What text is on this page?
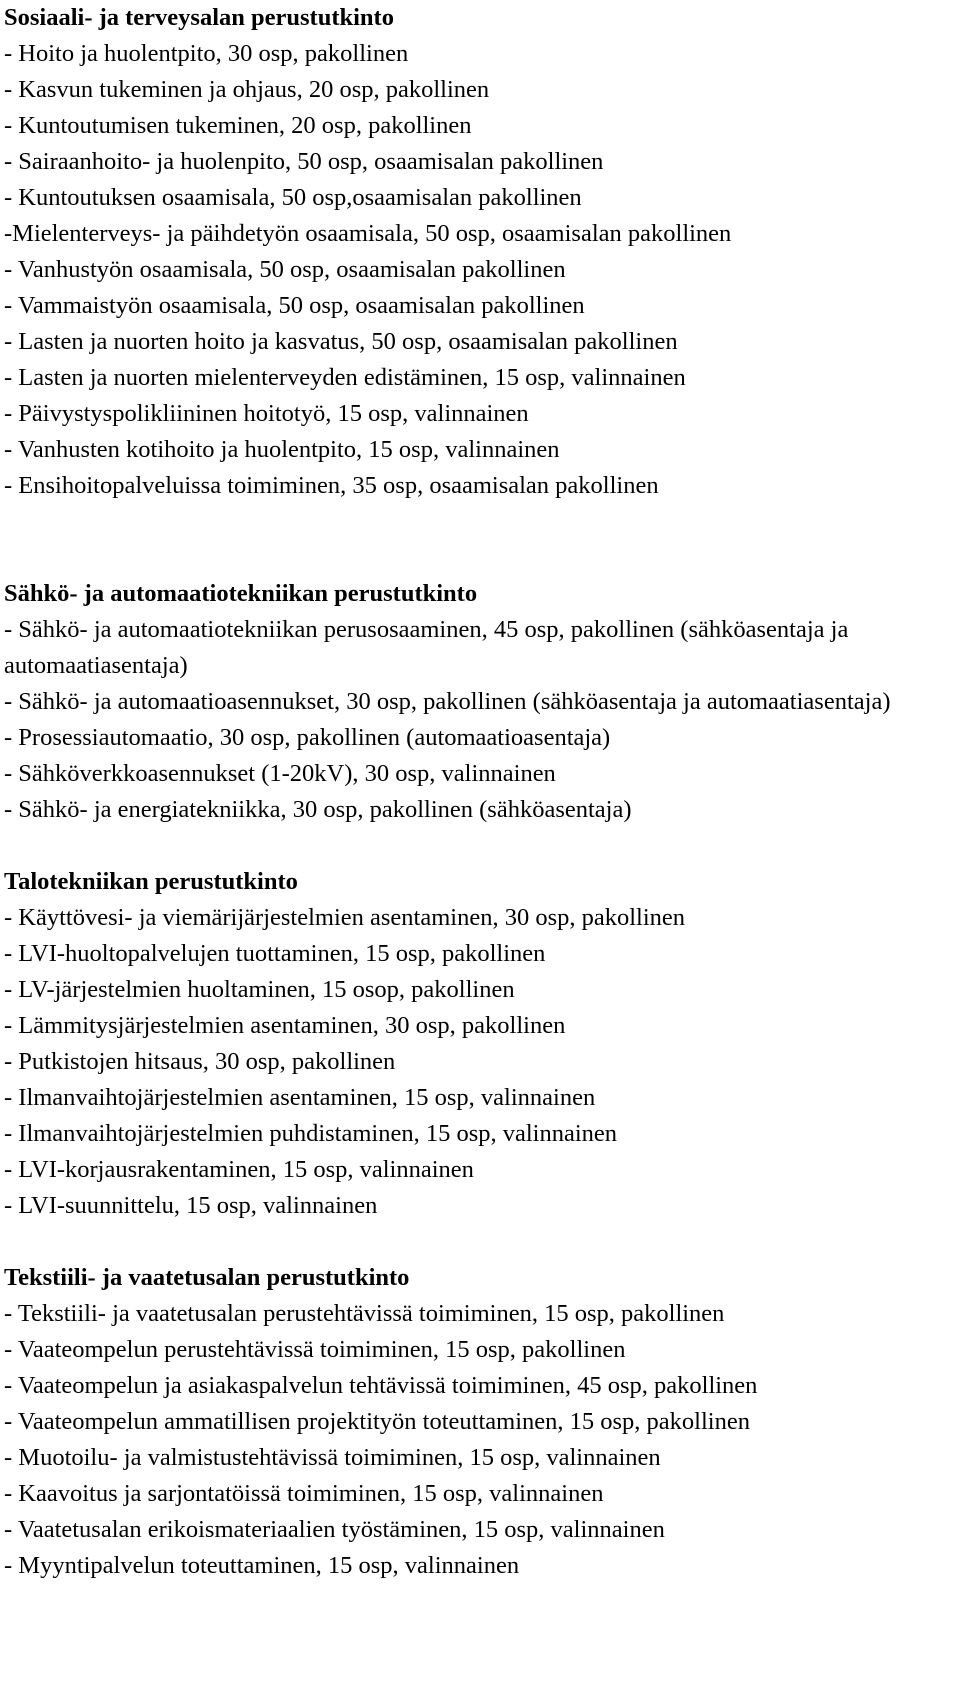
Sosiaali- ja terveysalan perustutkinto
- Hoito ja huolentpito, 30 osp, pakollinen
- Kasvun tukeminen ja ohjaus, 20 osp, pakollinen
- Kuntoutumisen tukeminen, 20 osp, pakollinen
- Sairaanhoito- ja huolenpito, 50 osp, osaamisalan pakollinen
- Kuntoutuksen osaamisala, 50 osp,osaamisalan pakollinen
-Mielenterveys- ja päihdetyön osaamisala, 50 osp, osaamisalan pakollinen
- Vanhustyön osaamisala, 50 osp, osaamisalan pakollinen
- Vammaistyön osaamisala, 50 osp, osaamisalan pakollinen
- Lasten ja nuorten hoito ja kasvatus, 50 osp, osaamisalan pakollinen
- Lasten ja nuorten mielenterveyden edistäminen, 15 osp, valinnainen
- Päivystyspolikliininen hoitotyö, 15 osp, valinnainen
- Vanhusten kotihoito ja huolentpito, 15 osp, valinnainen
- Ensihoitopalveluissa toimiminen, 35 osp, osaamisalan pakollinen
Sähkö- ja automaatiotekniikan perustutkinto
- Sähkö- ja automaatiotekniikan perusosaaminen, 45 osp, pakollinen (sähköasentaja ja automaatiasentaja)
- Sähkö- ja automaatioasennukset, 30 osp, pakollinen (sähköasentaja ja automaatiasentaja)
- Prosessiautomaatio, 30 osp, pakollinen (automaatioasentaja)
- Sähköverkkoasennukset (1-20kV), 30 osp, valinnainen
- Sähkö- ja energiatekniikka, 30 osp, pakollinen (sähköasentaja)
Talotekniikan perustutkinto
- Käyttövesi- ja viemärijärjestelmien asentaminen, 30 osp, pakollinen
- LVI-huoltopalvelujen tuottaminen, 15 osp, pakollinen
- LV-järjestelmien huoltaminen, 15 osop, pakollinen
- Lämmitysjärjestelmien asentaminen, 30 osp, pakollinen
- Putkistojen hitsaus, 30 osp, pakollinen
- Ilmanvaihtojärjestelmien asentaminen, 15 osp, valinnainen
- Ilmanvaihtojärjestelmien puhdistaminen, 15 osp, valinnainen
- LVI-korjausrakentaminen, 15 osp, valinnainen
- LVI-suunnittelu, 15 osp, valinnainen
Tekstiili- ja vaatetusalan perustutkinto
- Tekstiili- ja vaatetusalan perustehtävissä toimiminen, 15 osp, pakollinen
- Vaateompelun perustehtävissä toimiminen, 15 osp, pakollinen
- Vaateompelun ja asiakaspalvelun tehtävissä toimiminen, 45 osp, pakollinen
- Vaateompelun ammatillisen projektityön toteuttaminen, 15 osp, pakollinen
- Muotoilu- ja valmistustehtävissä toimiminen, 15 osp, valinnainen
- Kaavoitus ja sarjontatöissä toimiminen, 15 osp, valinnainen
- Vaatetusalan erikoismateriaalien työstäminen, 15 osp, valinnainen
- Myyntipalvelun toteuttaminen, 15 osp, valinnainen
